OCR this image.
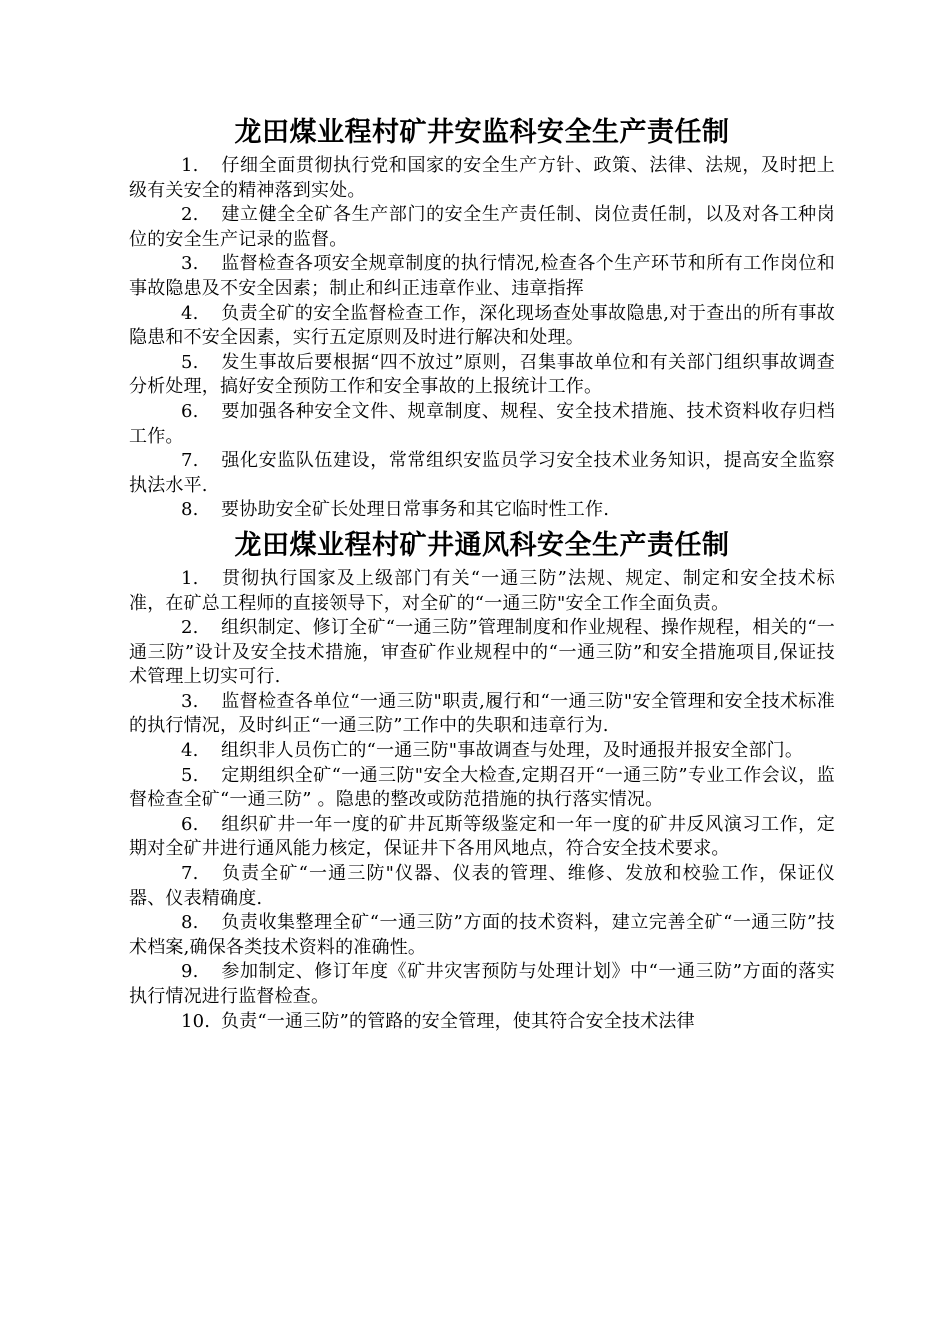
龙田煤业程村矿井安监科安全生产责任制

1. 仔细全面贯彻执行党和国家的安全生产方针、政策、法律、法规，及时把上级有关安全的精神落到实处。

2. 建立健全全矿各生产部门的安全生产责任制、岗位责任制，以及对各工种岗位的安全生产记录的监督。

3. 监督检查各项安全规章制度的执行情况,检查各个生产环节和所有工作岗位和事故隐患及不安全因素；制止和纠正违章作业、违章指挥

4. 负责全矿的安全监督检查工作，深化现场查处事故隐患,对于查出的所有事故隐患和不安全因素，实行五定原则及时进行解决和处理。

5. 发生事故后要根据“四不放过”原则，召集事故单位和有关部门组织事故调查分析处理，搞好安全预防工作和安全事故的上报统计工作。

6. 要加强各种安全文件、规章制度、规程、安全技术措施、技术资料收存归档工作。

7. 强化安监队伍建设，常常组织安监员学习安全技术业务知识，提高安全监察执法水平.

8. 要协助安全矿长处理日常事务和其它临时性工作.

龙田煤业程村矿井通风科安全生产责任制

1. 贯彻执行国家及上级部门有关“一通三防”法规、规定、制定和安全技术标准，在矿总工程师的直接领导下，对全矿的“一通三防"安全工作全面负责。

2. 组织制定、修订全矿“一通三防”管理制度和作业规程、操作规程，相关的“一通三防”设计及安全技术措施，审查矿作业规程中的“一通三防”和安全措施项目,保证技术管理上切实可行.

3. 监督检查各单位“一通三防"职责,履行和“一通三防"安全管理和安全技术标准的执行情况，及时纠正“一通三防”工作中的失职和违章行为.

4. 组织非人员伤亡的“一通三防"事故调查与处理，及时通报并报安全部门。

5. 定期组织全矿“一通三防"安全大检查,定期召开“一通三防”专业工作会议，监督检查全矿“一通三防” 。隐患的整改或防范措施的执行落实情况。

6. 组织矿井一年一度的矿井瓦斯等级鉴定和一年一度的矿井反风演习工作，定期对全矿井进行通风能力核定，保证井下各用风地点，符合安全技术要求。

7. 负责全矿“一通三防"仪器、仪表的管理、维修、发放和校验工作，保证仪器、仪表精确度.

8. 负责收集整理全矿“一通三防”方面的技术资料，建立完善全矿“一通三防”技术档案,确保各类技术资料的准确性。

9. 参加制定、修订年度《矿井灾害预防与处理计划》中“一通三防”方面的落实执行情况进行监督检查。

10. 负责“一通三防”的管路的安全管理，使其符合安全技术法律
